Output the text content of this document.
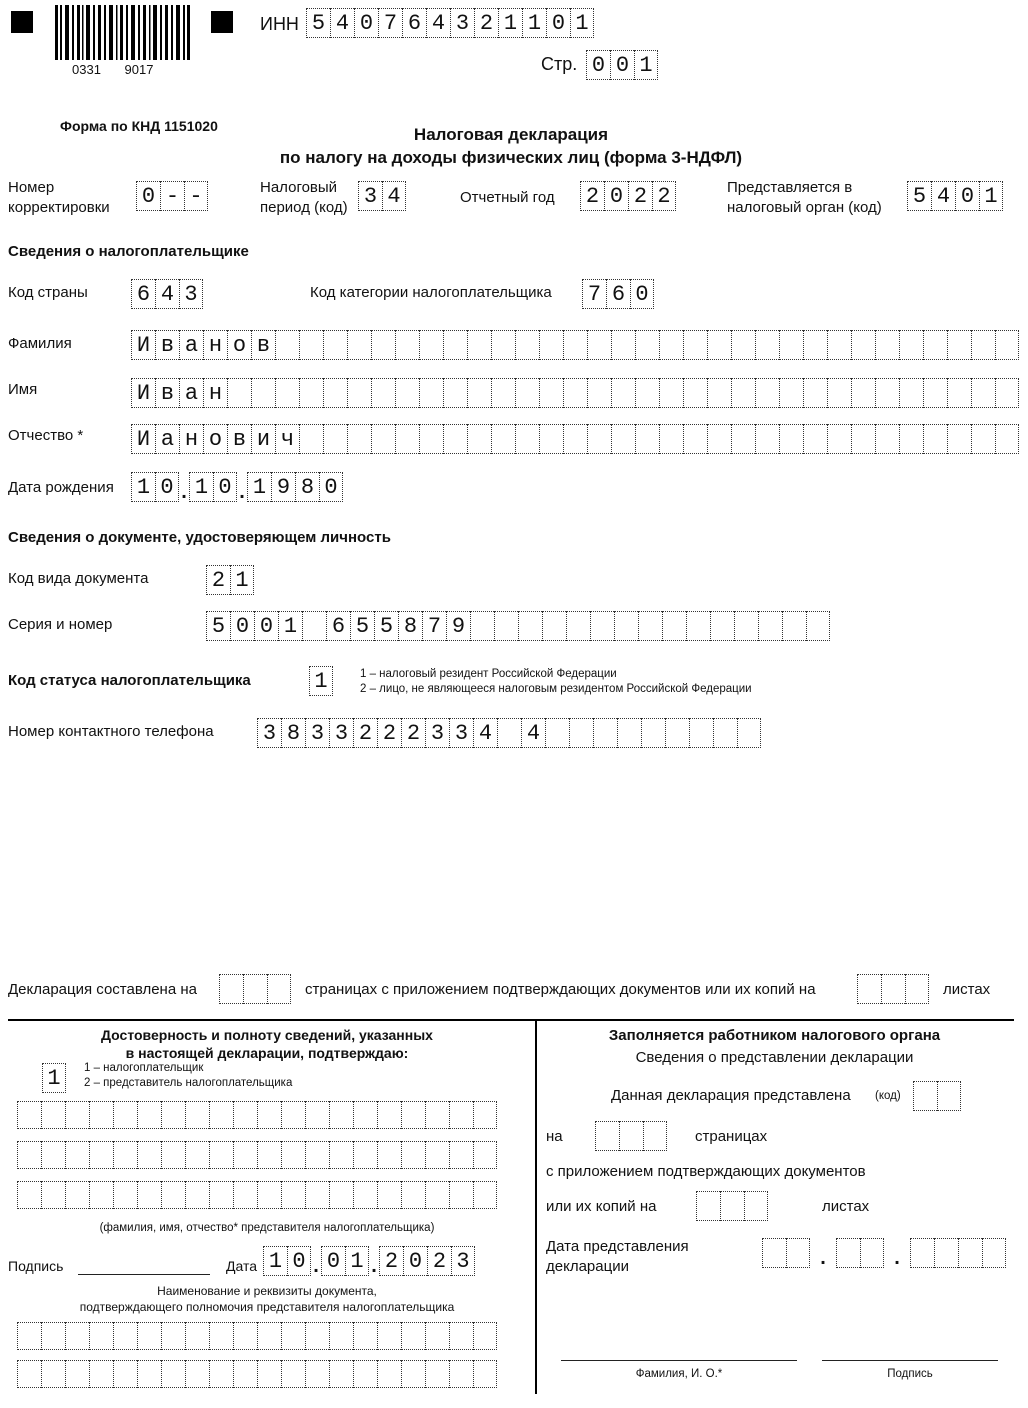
0331 9017
ИНН 5 4 0 7 6 4 3 2 1 1 0 1
Стр. 0 0 1
Форма по КНД 1151020	Налоговая декларация
по налогу на доходы физических лиц (форма 3-НДФЛ)
Номер
корректировки 0 - -	Налоговый
период (код) 3 4	Отчетный год 2 0 2 2	Представляется в
налоговый орган (код) 5 4 0 1
Сведения о налогоплательщике
Код страны 6 4 3	Код категории налогоплательщика 7 6 0
Фамилия	И в а н о в
Имя	И в а н
Отчество * И a н о в и ч
Дата рождения 1 0 . 1 0 . 1 9 8 0
Сведения о документе, удостоверяющем личность
Код вида документа	2 1
Серия и номер	5 0 0 1 6 5 5 8 7 9
Код статуса налогоплательщика	1	1 – налоговый резидент Российской Федерации
2 – лицо, не являющееся налоговым резидентом Российской Федерации
Номер контактного телефона 3 8 3 3 2 2 2 3 3 4 4
Декларация составлена на	страницах с приложением подтверждающих документов или их копий на	листах
Достоверность и полноту сведений, указанных
в настоящей декларации, подтверждаю:
1	1 – налогоплательщик
2 – представитель налогоплательщика
(фамилия, имя, отчество* представителя налогоплательщика)
Подпись	Дата 1 0 . 0 1 . 2 0 2 3
Наименование и реквизиты документа,
подтверждающего полномочия представителя налогоплательщика
Заполняется работником налогового органа
Сведения о представлении декларации
Данная декларация представлена (код)
на	страницах
с приложением подтверждающих документов
или их копий на	листах
Дата представления
декларации	.	.
Фамилия, И. О.*	Подпись
